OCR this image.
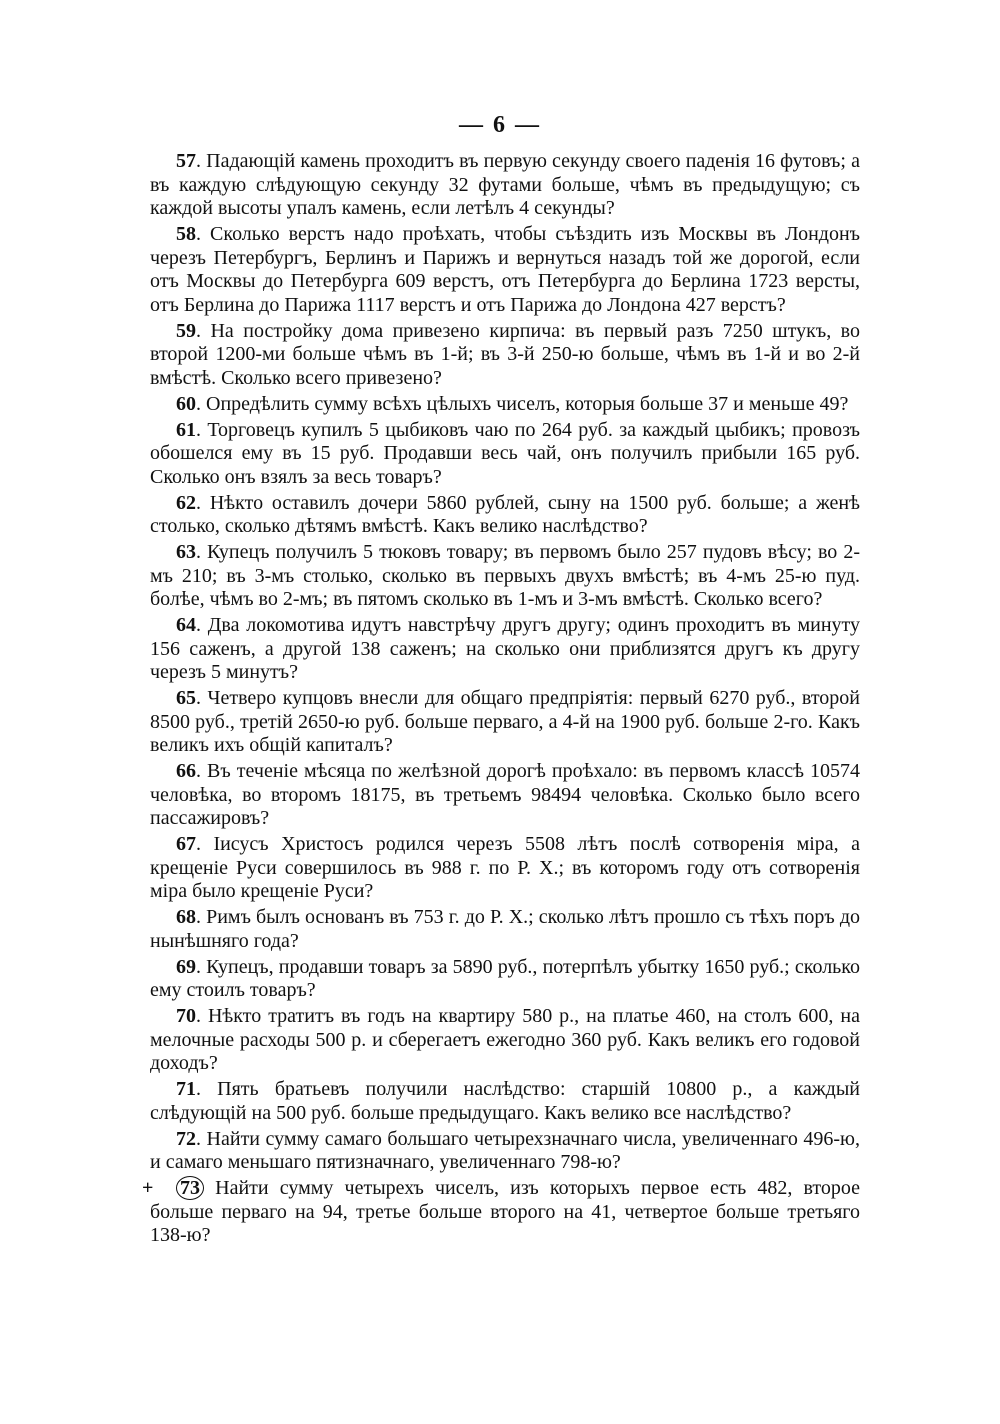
— 6 —

57. Падающій камень проходитъ въ первую секунду своего паденія 16 футовъ; а въ каждую слѣдующую секунду 32 футами больше, чѣмъ въ предыдущую; съ каждой высоты упалъ камень, если летѣлъ 4 секунды?

58. Сколько верстъ надо проѣхать, чтобы съѣздить изъ Москвы въ Лондонъ черезъ Петербургъ, Берлинъ и Парижъ и вернуться назадъ той же дорогой, если отъ Москвы до Петербурга 609 верстъ, отъ Петербурга до Берлина 1723 версты, отъ Берлина до Парижа 1117 верстъ и отъ Парижа до Лондона 427 верстъ?

59. На постройку дома привезено кирпича: въ первый разъ 7250 штукъ, во второй 1200-ми больше чѣмъ въ 1-й; въ 3-й 250-ю больше, чѣмъ въ 1-й и во 2-й вмѣстѣ. Сколько всего привезено?

60. Опредѣлить сумму всѣхъ цѣлыхъ чиселъ, которыя больше 37 и меньше 49?

61. Торговецъ купилъ 5 цыбиковъ чаю по 264 руб. за каждый цыбикъ; провозъ обошелся ему въ 15 руб. Продавши весь чай, онъ получилъ прибыли 165 руб. Сколько онъ взялъ за весь товаръ?

62. Нѣкто оставилъ дочери 5860 рублей, сыну на 1500 руб. больше; а женѣ столько, сколько дѣтямъ вмѣстѣ. Какъ велико наслѣдство?

63. Купецъ получилъ 5 тюковъ товару; въ первомъ было 257 пудовъ вѣсу; во 2-мъ 210; въ 3-мъ столько, сколько въ первыхъ двухъ вмѣстѣ; въ 4-мъ 25-ю пуд. болѣе, чѣмъ во 2-мъ; въ пятомъ сколько въ 1-мъ и 3-мъ вмѣстѣ. Сколько всего?

64. Два локомотива идутъ навстрѣчу другъ другу; одинъ проходитъ въ минуту 156 саженъ, а другой 138 саженъ; на сколько они приблизятся другъ къ другу черезъ 5 минутъ?

65. Четверо купцовъ внесли для общаго предпріятія: первый 6270 руб., второй 8500 руб., третій 2650-ю руб. больше перваго, а 4-й на 1900 руб. больше 2-го. Какъ великъ ихъ общій капиталъ?

66. Въ теченіе мѣсяца по желѣзной дорогѣ проѣхало: въ первомъ классѣ 10574 человѣка, во второмъ 18175, въ третьемъ 98494 человѣка. Сколько было всего пассажировъ?

67. Іисусъ Христосъ родился черезъ 5508 лѣтъ послѣ сотворенія міра, а крещеніе Руси совершилось въ 988 г. по Р. Х.; въ которомъ году отъ сотворенія міра было крещеніе Руси?

68. Римъ былъ основанъ въ 753 г. до Р. Х.; сколько лѣтъ прошло съ тѣхъ поръ до нынѣшняго года?

69. Купецъ, продавши товаръ за 5890 руб., потерпѣлъ убытку 1650 руб.; сколько ему стоилъ товаръ?

70. Нѣкто тратитъ въ годъ на квартиру 580 р., на платье 460, на столъ 600, на мелочные расходы 500 р. и сберегаетъ ежегодно 360 руб. Какъ великъ его годовой доходъ?

71. Пять братьевъ получили наслѣдство: старшій 10800 р., а каждый слѣдующій на 500 руб. больше предыдущаго. Какъ велико все наслѣдство?

72. Найти сумму самаго большаго четырехзначнаго числа, увеличеннаго 496-ю, и самаго меньшаго пятизначнаго, увеличеннаго 798-ю?

+ 73 Найти сумму четырехъ чиселъ, изъ которыхъ первое есть 482, второе больше перваго на 94, третье больше второго на 41, четвертое больше третьяго 138-ю?
